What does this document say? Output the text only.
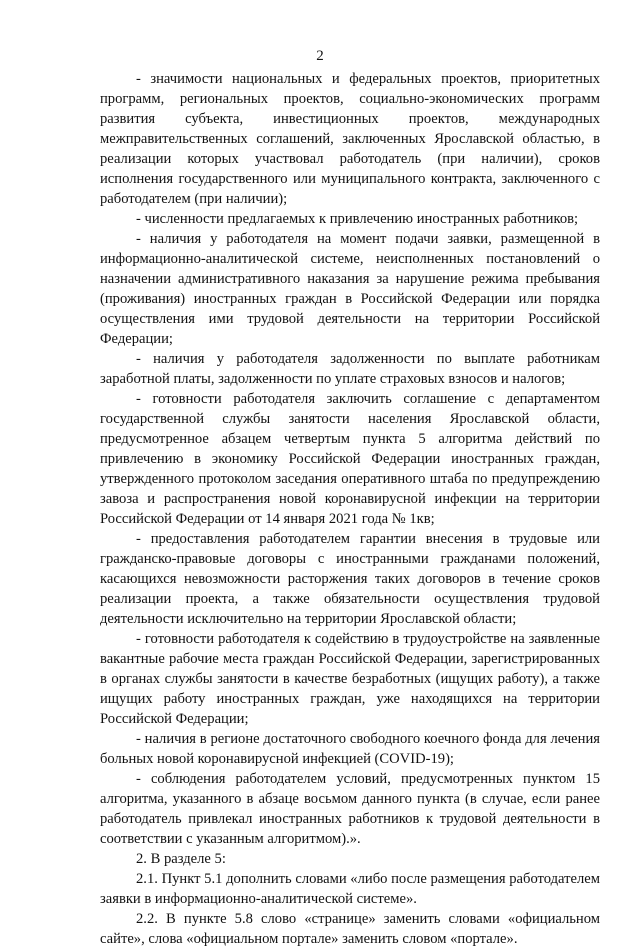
2

- значимости национальных и федеральных проектов, приоритетных программ, региональных проектов, социально-экономических программ развития субъекта, инвестиционных проектов, международных межправительственных соглашений, заключенных Ярославской областью, в реализации которых участвовал работодатель (при наличии), сроков исполнения государственного или муниципального контракта, заключенного с работодателем (при наличии);

- численности предлагаемых к привлечению иностранных работников;

- наличия у работодателя на момент подачи заявки, размещенной в информационно-аналитической системе, неисполненных постановлений о назначении административного наказания за нарушение режима пребывания (проживания) иностранных граждан в Российской Федерации или порядка осуществления ими трудовой деятельности на территории Российской Федерации;

- наличия у работодателя задолженности по выплате работникам заработной платы, задолженности по уплате страховых взносов и налогов;

- готовности работодателя заключить соглашение с департаментом государственной службы занятости населения Ярославской области, предусмотренное абзацем четвертым пункта 5 алгоритма действий по привлечению в экономику Российской Федерации иностранных граждан, утвержденного протоколом заседания оперативного штаба по предупреждению завоза и распространения новой коронавирусной инфекции на территории Российской Федерации от 14 января 2021 года № 1кв;

- предоставления работодателем гарантии внесения в трудовые или гражданско-правовые договоры с иностранными гражданами положений, касающихся невозможности расторжения таких договоров в течение сроков реализации проекта, а также обязательности осуществления трудовой деятельности исключительно на территории Ярославской области;

- готовности работодателя к содействию в трудоустройстве на заявленные вакантные рабочие места граждан Российской Федерации, зарегистрированных в органах службы занятости в качестве безработных (ищущих работу), а также ищущих работу иностранных граждан, уже находящихся на территории Российской Федерации;

- наличия в регионе достаточного свободного коечного фонда для лечения больных новой коронавирусной инфекцией (COVID-19);

- соблюдения работодателем условий, предусмотренных пунктом 15 алгоритма, указанного в абзаце восьмом данного пункта (в случае, если ранее работодатель привлекал иностранных работников к трудовой деятельности в соответствии с указанным алгоритмом).».

2. В разделе 5:

2.1. Пункт 5.1 дополнить словами «либо после размещения работодателем заявки в информационно-аналитической системе».

2.2. В пункте 5.8 слово «странице» заменить словами «официальном сайте», слова «официальном портале» заменить словом «портале».
